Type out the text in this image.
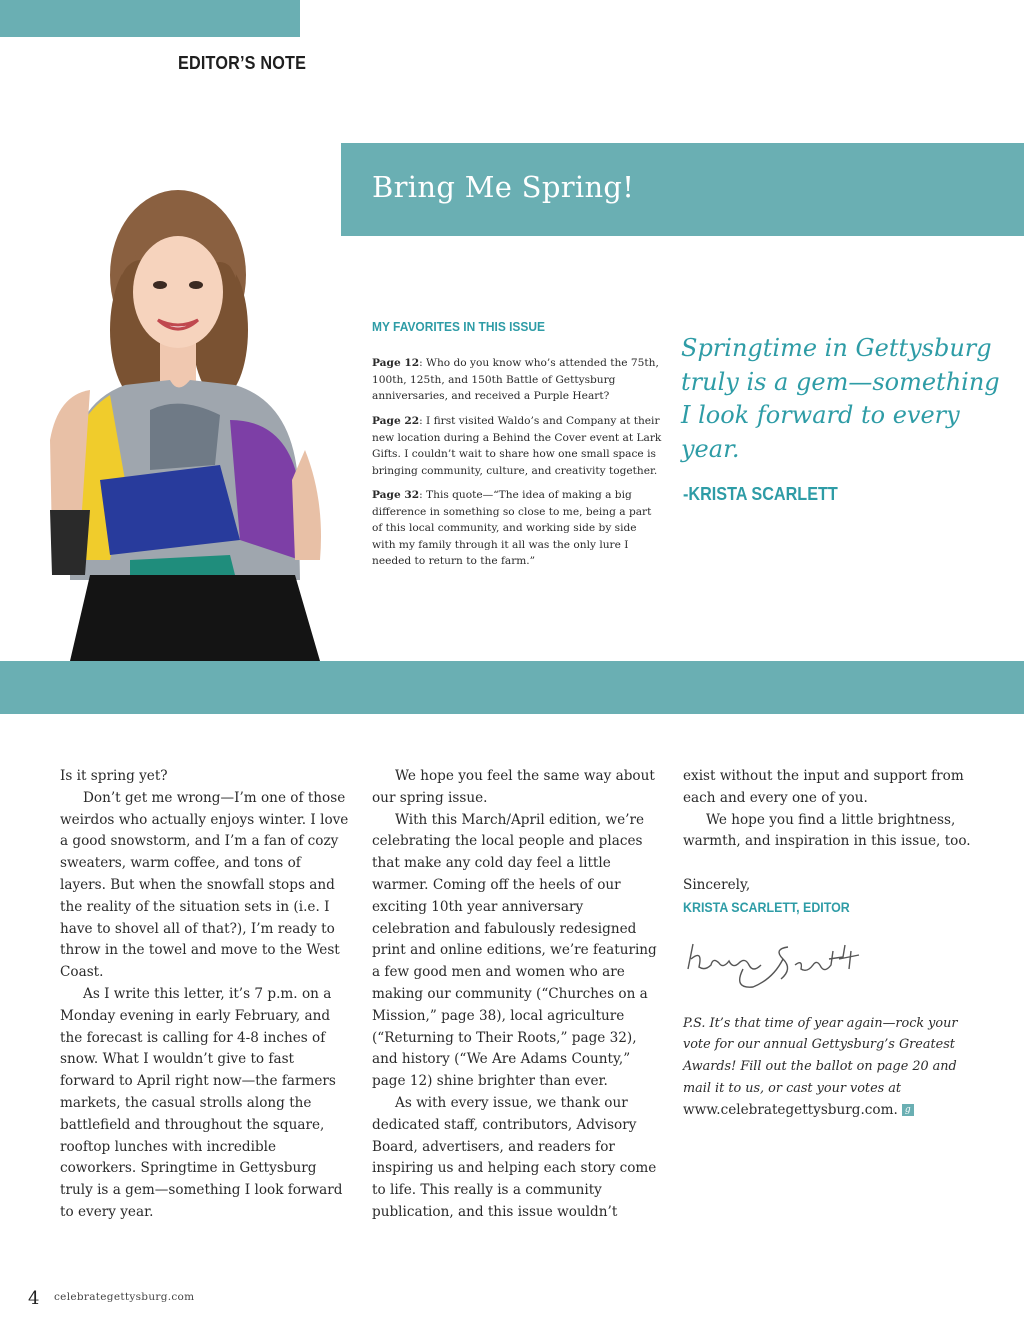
EDITOR’S NOTE
Bring Me Spring!
MY FAVORITES IN THIS ISSUE
Page 12: Who do you know who’s attended the 75th, 100th, 125th, and 150th Battle of Gettysburg anniversaries, and received a Purple Heart?
Page 22: I first visited Waldo’s and Company at their new location during a Behind the Cover event at Lark Gifts. I couldn’t wait to share how one small space is bringing community, culture, and creativity together.
Page 32: This quote—“The idea of making a big difference in something so close to me, being a part of this local community, and working side by side with my family through it all was the only lure I needed to return to the farm.”
Springtime in Gettysburg truly is a gem—something I look forward to every year.
-KRISTA SCARLETT

Is it spring yet?

Don’t get me wrong—I’m one of those weirdos who actually enjoys winter. I love a good snowstorm, and I’m a fan of cozy sweaters, warm coffee, and tons of layers. But when the snowfall stops and the reality of the situation sets in (i.e. I have to shovel all of that?), I’m ready to throw in the towel and move to the West Coast.

As I write this letter, it’s 7 p.m. on a Monday evening in early February, and the forecast is calling for 4-8 inches of snow. What I wouldn’t give to fast forward to April right now—the farmers markets, the casual strolls along the battlefield and throughout the square, rooftop lunches with incredible coworkers. Springtime in Gettysburg truly is a gem—something I look forward to every year.

We hope you feel the same way about our spring issue.

With this March/April edition, we’re celebrating the local people and places that make any cold day feel a little warmer. Coming off the heels of our exciting 10th year anniversary celebration and fabulously redesigned print and online editions, we’re featuring a few good men and women who are making our community (“Churches on a Mission,” page 38), local agriculture (“Returning to Their Roots,” page 32), and history (“We Are Adams County,” page 12) shine brighter than ever.

As with every issue, we thank our dedicated staff, contributors, Advisory Board, advertisers, and readers for inspiring us and helping each story come to life. This really is a community publication, and this issue wouldn’t

exist without the input and support from each and every one of you.

We hope you find a little brightness, warmth, and inspiration in this issue, too.

Sincerely,

KRISTA SCARLETT, EDITOR

P.S. It’s that time of year again—rock your vote for our annual Gettysburg’s Greatest Awards! Fill out the ballot on page 20 and mail it to us, or cast your votes at www.celebrategettysburg.com. g

4 celebrategettysburg.com
